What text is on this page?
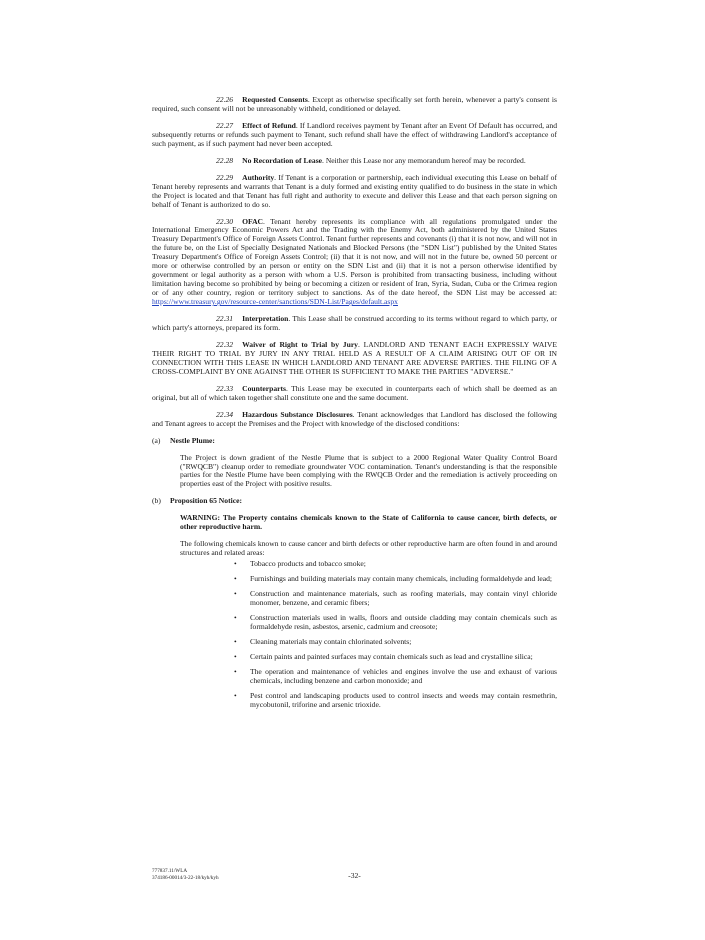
22.26 Requested Consents. Except as otherwise specifically set forth herein, whenever a party's consent is required, such consent will not be unreasonably withheld, conditioned or delayed.

22.27 Effect of Refund. If Landlord receives payment by Tenant after an Event Of Default has occurred, and subsequently returns or refunds such payment to Tenant, such refund shall have the effect of withdrawing Landlord's acceptance of such payment, as if such payment had never been accepted.

22.28 No Recordation of Lease. Neither this Lease nor any memorandum hereof may be recorded.

22.29 Authority. If Tenant is a corporation or partnership, each individual executing this Lease on behalf of Tenant hereby represents and warrants that Tenant is a duly formed and existing entity qualified to do business in the state in which the Project is located and that Tenant has full right and authority to execute and deliver this Lease and that each person signing on behalf of Tenant is authorized to do so.

22.30 OFAC. Tenant hereby represents its compliance with all regulations promulgated under the International Emergency Economic Powers Act and the Trading with the Enemy Act, both administered by the United States Treasury Department's Office of Foreign Assets Control. Tenant further represents and covenants (i) that it is not now, and will not in the future be, on the List of Specially Designated Nationals and Blocked Persons (the "SDN List") published by the United States Treasury Department's Office of Foreign Assets Control; (ii) that it is not now, and will not in the future be, owned 50 percent or more or otherwise controlled by an person or entity on the SDN List and (ii) that it is not a person otherwise identified by government or legal authority as a person with whom a U.S. Person is prohibited from transacting business, including without limitation having become so prohibited by being or becoming a citizen or resident of Iran, Syria, Sudan, Cuba or the Crimea region or of any other country, region or territory subject to sanctions. As of the date hereof, the SDN List may be accessed at: https://www.treasury.gov/resource-center/sanctions/SDN-List/Pages/default.aspx

22.31 Interpretation. This Lease shall be construed according to its terms without regard to which party, or which party's attorneys, prepared its form.

22.32 Waiver of Right to Trial by Jury. LANDLORD AND TENANT EACH EXPRESSLY WAIVE THEIR RIGHT TO TRIAL BY JURY IN ANY TRIAL HELD AS A RESULT OF A CLAIM ARISING OUT OF OR IN CONNECTION WITH THIS LEASE IN WHICH LANDLORD AND TENANT ARE ADVERSE PARTIES. THE FILING OF A CROSS-COMPLAINT BY ONE AGAINST THE OTHER IS SUFFICIENT TO MAKE THE PARTIES "ADVERSE."

22.33 Counterparts. This Lease may be executed in counterparts each of which shall be deemed as an original, but all of which taken together shall constitute one and the same document.

22.34 Hazardous Substance Disclosures. Tenant acknowledges that Landlord has disclosed the following and Tenant agrees to accept the Premises and the Project with knowledge of the disclosed conditions:

(a) Nestle Plume:

The Project is down gradient of the Nestle Plume that is subject to a 2000 Regional Water Quality Control Board ("RWQCB") cleanup order to remediate groundwater VOC contamination. Tenant's understanding is that the responsible parties for the Nestle Plume have been complying with the RWQCB Order and the remediation is actively proceeding on properties east of the Project with positive results.

(b) Proposition 65 Notice:

WARNING: The Property contains chemicals known to the State of California to cause cancer, birth defects, or other reproductive harm.

The following chemicals known to cause cancer and birth defects or other reproductive harm are often found in and around structures and related areas:

• Tobacco products and tobacco smoke;
• Furnishings and building materials may contain many chemicals, including formaldehyde and lead;
• Construction and maintenance materials, such as roofing materials, may contain vinyl chloride monomer, benzene, and ceramic fibers;
• Construction materials used in walls, floors and outside cladding may contain chemicals such as formaldehyde resin, asbestos, arsenic, cadmium and creosote;
• Cleaning materials may contain chlorinated solvents;
• Certain paints and painted surfaces may contain chemicals such as lead and crystalline silica;
• The operation and maintenance of vehicles and engines involve the use and exhaust of various chemicals, including benzene and carbon monoxide; and
• Pest control and landscaping products used to control insects and weeds may contain resmethrin, mycobutonil, triforine and arsenic trioxide.
777837.11/WLA
374186-00014/3-22-18/kyh/kyh	-32-
